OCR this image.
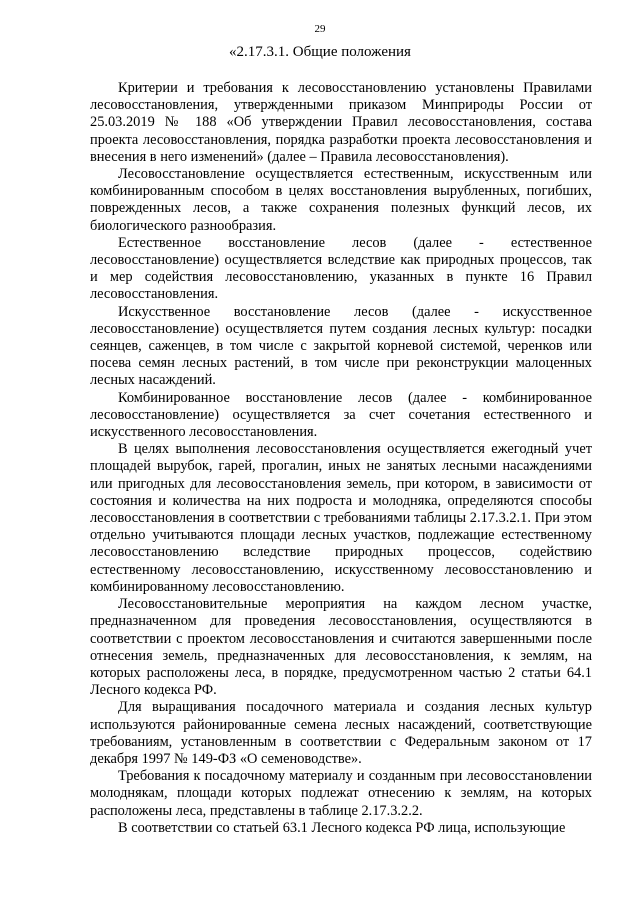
29
«2.17.3.1. Общие положения

Критерии и требования к лесовосстановлению установлены Правилами лесовосстановления, утвержденными приказом Минприроды России от 25.03.2019 № 188 «Об утверждении Правил лесовосстановления, состава проекта лесовосстановления, порядка разработки проекта лесовосстановления и внесения в него изменений» (далее – Правила лесовосстановления).

Лесовосстановление осуществляется естественным, искусственным или комбинированным способом в целях восстановления вырубленных, погибших, поврежденных лесов, а также сохранения полезных функций лесов, их биологического разнообразия.

Естественное восстановление лесов (далее - естественное лесовосстановление) осуществляется вследствие как природных процессов, так и мер содействия лесовосстановлению, указанных в пункте 16 Правил лесовосстановления.

Искусственное восстановление лесов (далее - искусственное лесовосстановление) осуществляется путем создания лесных культур: посадки сеянцев, саженцев, в том числе с закрытой корневой системой, черенков или посева семян лесных растений, в том числе при реконструкции малоценных лесных насаждений.

Комбинированное восстановление лесов (далее - комбинированное лесовосстановление) осуществляется за счет сочетания естественного и искусственного лесовосстановления.

В целях выполнения лесовосстановления осуществляется ежегодный учет площадей вырубок, гарей, прогалин, иных не занятых лесными насаждениями или пригодных для лесовосстановления земель, при котором, в зависимости от состояния и количества на них подроста и молодняка, определяются способы лесовосстановления в соответствии с требованиями таблицы 2.17.3.2.1. При этом отдельно учитываются площади лесных участков, подлежащие естественному лесовосстановлению вследствие природных процессов, содействию естественному лесовосстановлению, искусственному лесовосстановлению и комбинированному лесовосстановлению.

Лесовосстановительные мероприятия на каждом лесном участке, предназначенном для проведения лесовосстановления, осуществляются в соответствии с проектом лесовосстановления и считаются завершенными после отнесения земель, предназначенных для лесовосстановления, к землям, на которых расположены леса, в порядке, предусмотренном частью 2 статьи 64.1 Лесного кодекса РФ.

Для выращивания посадочного материала и создания лесных культур используются районированные семена лесных насаждений, соответствующие требованиям, установленным в соответствии с Федеральным законом от 17 декабря 1997 № 149-ФЗ «О семеноводстве».

Требования к посадочному материалу и созданным при лесовосстановлении молоднякам, площади которых подлежат отнесению к землям, на которых расположены леса, представлены в таблице 2.17.3.2.2.

В соответствии со статьей 63.1 Лесного кодекса РФ лица, использующие
